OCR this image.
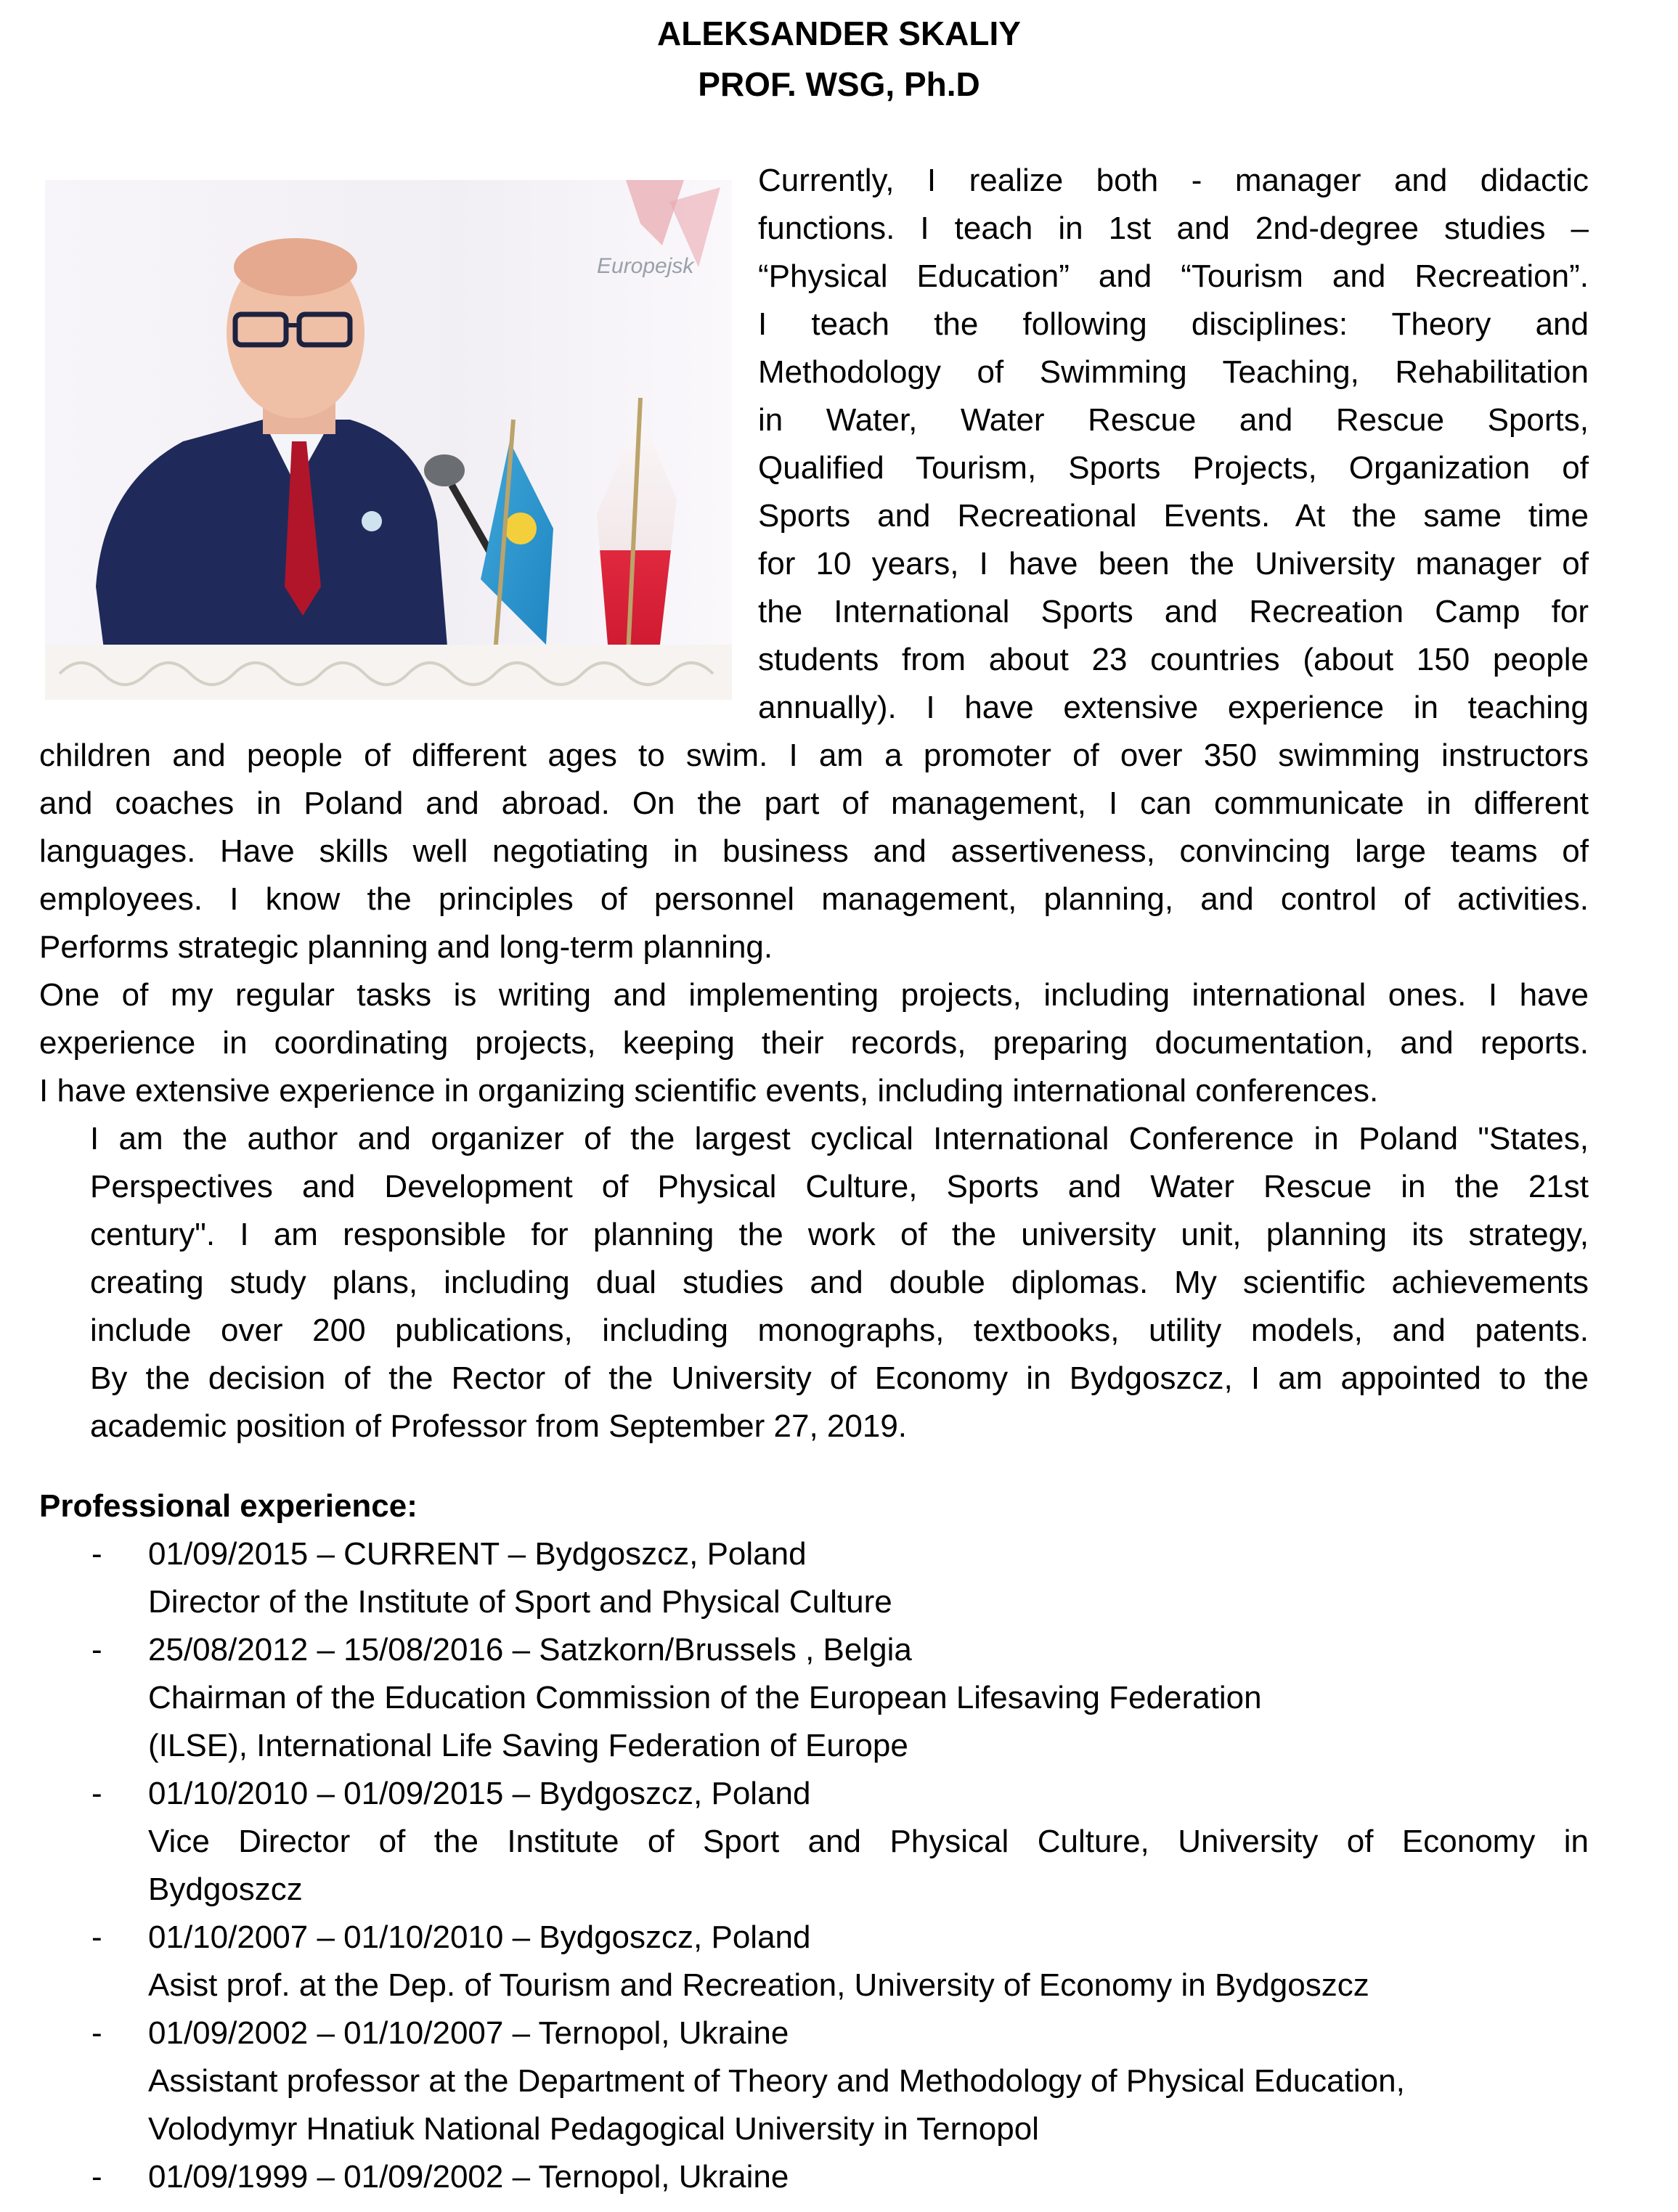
ALEKSANDER SKALIY
PROF. WSG, Ph.D
Europejsk
Currently, I realize both - manager and didactic
functions. I teach in 1st and 2nd-degree studies –
“Physical Education” and “Tourism and Recreation”.
I teach the following disciplines: Theory and
Methodology of Swimming Teaching, Rehabilitation
in Water, Water Rescue and Rescue Sports,
Qualified Tourism, Sports Projects, Organization of
Sports and Recreational Events. At the same time
for 10 years, I have been the University manager of
the International Sports and Recreation Camp for
students from about 23 countries (about 150 people
annually). I have extensive experience in teaching
children and people of different ages to swim. I am a promoter of over 350 swimming instructors
and coaches in Poland and abroad. On the part of management, I can communicate in different
languages. Have skills well negotiating in business and assertiveness, convincing large teams of
employees. I know the principles of personnel management, planning, and control of activities.
Performs strategic planning and long-term planning.
One of my regular tasks is writing and implementing projects, including international ones. I have
experience in coordinating projects, keeping their records, preparing documentation, and reports.
I have extensive experience in organizing scientific events, including international conferences.
I am the author and organizer of the largest cyclical International Conference in Poland "States,
Perspectives and Development of Physical Culture, Sports and Water Rescue in the 21st
century". I am responsible for planning the work of the university unit, planning its strategy,
creating study plans, including dual studies and double diplomas. My scientific achievements
include over 200 publications, including monographs, textbooks, utility models, and patents.
By the decision of the Rector of the University of Economy in Bydgoszcz, I am appointed to the
academic position of Professor from September 27, 2019.
Professional experience:
- 01/09/2015 – CURRENT – Bydgoszcz, Poland
Director of the Institute of Sport and Physical Culture
- 25/08/2012 – 15/08/2016 – Satzkorn/Brussels , Belgia
Chairman of the Education Commission of the European Lifesaving Federation
(ILSE), International Life Saving Federation of Europe
- 01/10/2010 – 01/09/2015 – Bydgoszcz, Poland
Vice Director of the Institute of Sport and Physical Culture, University of Economy in
Bydgoszcz
- 01/10/2007 – 01/10/2010 – Bydgoszcz, Poland
Asist prof. at the Dep. of Tourism and Recreation, University of Economy in Bydgoszcz
- 01/09/2002 – 01/10/2007 – Ternopol, Ukraine
Assistant professor at the Department of Theory and Methodology of Physical Education,
Volodymyr Hnatiuk National Pedagogical University in Ternopol
- 01/09/1999 – 01/09/2002 – Ternopol, Ukraine
